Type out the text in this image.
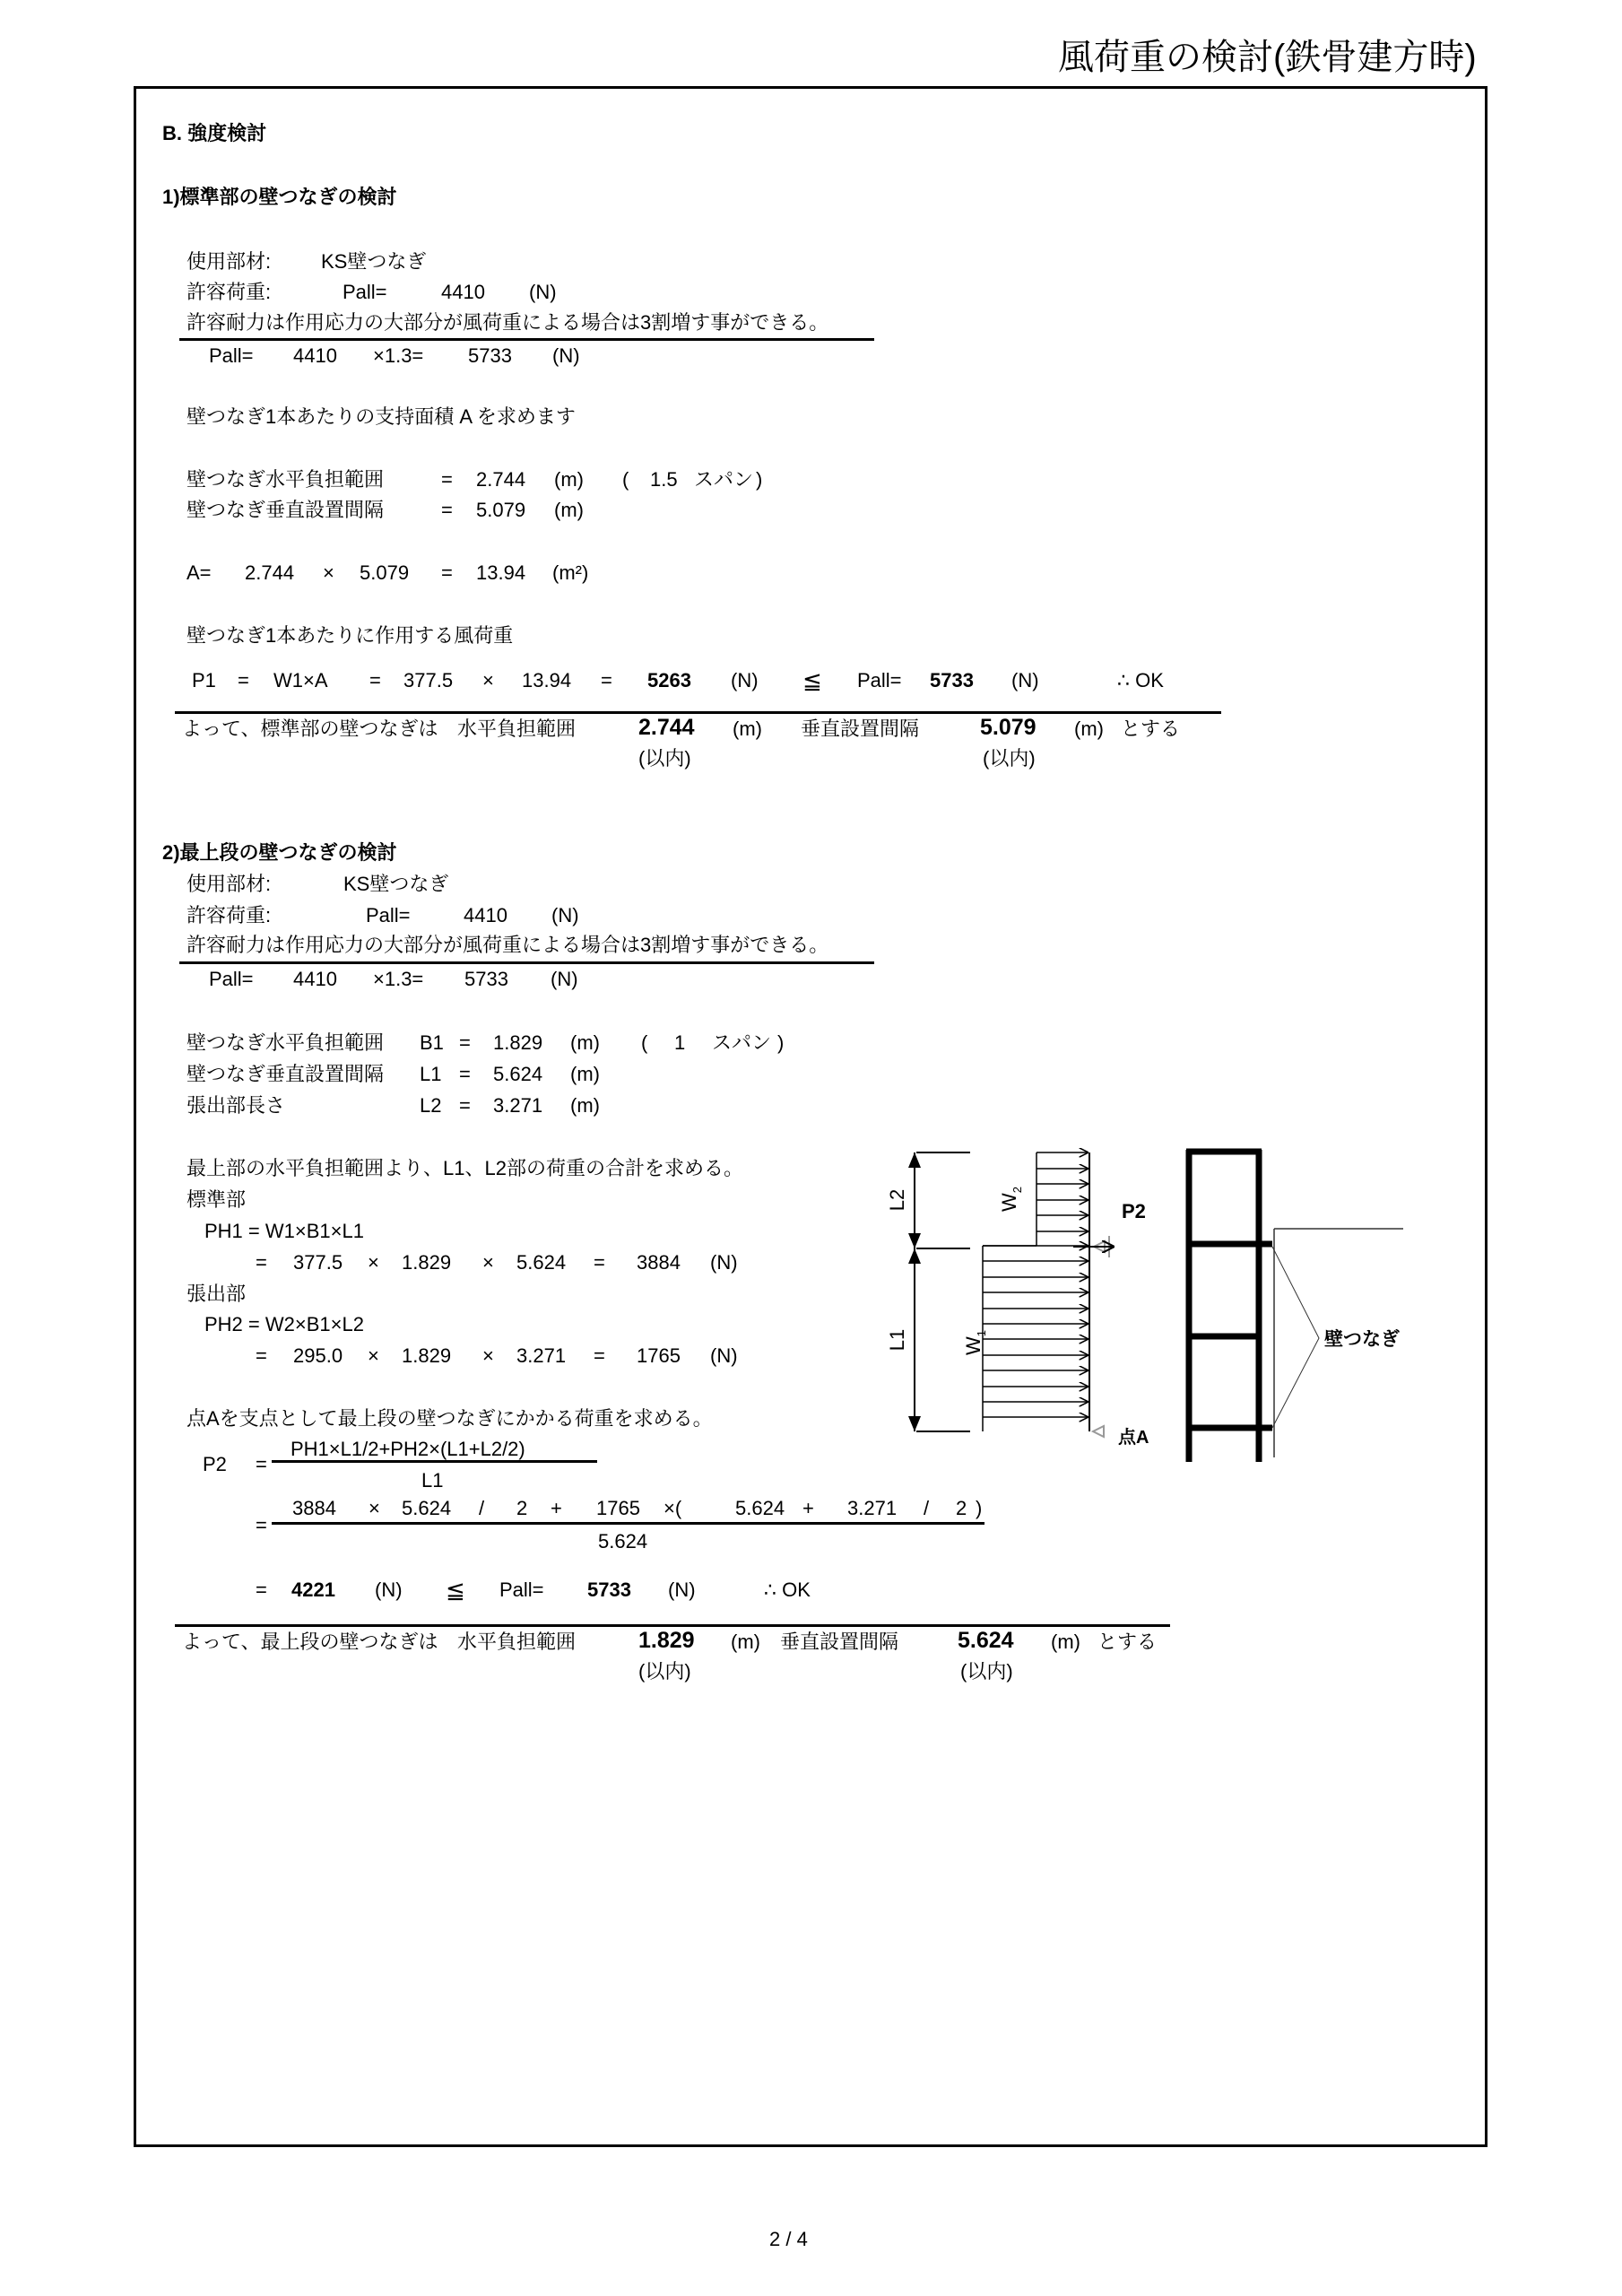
風荷重の検討(鉄骨建方時)
B. 強度検討
1)標準部の壁つなぎの検討
使用部材:	KS壁つなぎ
許容荷重:	Pall=	4410 (N)
許容耐力は作用応力の大部分が風荷重による場合は3割増す事ができる。
Pall= 4410 ×1.3= 5733 (N)
壁つなぎ1本あたりの支持面積 A を求めます
壁つなぎ水平負担範囲	= 2.744 (m) ( 1.5 スパン )
壁つなぎ垂直設置間隔	= 5.079 (m)
A= 2.744 × 5.079 = 13.94 (m²)
壁つなぎ1本あたりに作用する風荷重
P1 = W1×A = 377.5 × 13.94 = 5263 (N) ≦ Pall= 5733 (N)	∴ OK
よって、標準部の壁つなぎは 水平負担範囲	2.744 (m) 垂直設置間隔	5.079 (m) とする
(以内)	(以内)
2)最上段の壁つなぎの検討
使用部材:	KS壁つなぎ
許容荷重:	Pall=	4410 (N)
許容耐力は作用応力の大部分が風荷重による場合は3割増す事ができる。
Pall= 4410 ×1.3= 5733 (N)
壁つなぎ水平負担範囲 B1 = 1.829 (m) ( 1 スパン )
壁つなぎ垂直設置間隔 L1 = 5.624 (m)
張出部長さ	L2 = 3.271 (m)
最上部の水平負担範囲より、L1、L2部の荷重の合計を求める。
標準部
PH1 = W1×B1×L1
= 377.5 × 1.829 × 5.624 = 3884 (N)
張出部
PH2 = W2×B1×L2
= 295.0 × 1.829 × 3.271 = 1765 (N)
点Aを支点として最上段の壁つなぎにかかる荷重を求める。
P2 =
PH1×L1/2+PH2×(L1+L2/2)
L1
=
3884 × 5.624 / 2 + 1765 ×(	5.624 + 3.271 / 2 )
5.624
= 4221 (N) ≦ Pall= 5733 (N)	∴ OK
よって、最上段の壁つなぎは 水平負担範囲	1.829 (m) 垂直設置間隔	5.624 (m) とする
(以内)	(以内)
L2
L1
$W_2$
$W_1$
点A
P2
壁つなぎ
2 / 4
